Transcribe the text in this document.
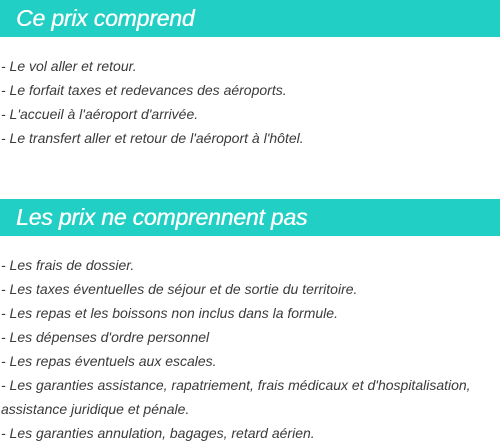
Ce prix comprend
- Le vol aller et retour.
- Le forfait taxes et redevances des aéroports.
- L'accueil à l'aéroport d'arrivée.
- Le transfert aller et retour de l'aéroport à l'hôtel.
Les prix ne comprennent pas
- Les frais de dossier.
- Les taxes éventuelles de séjour et de sortie du territoire.
- Les repas et les boissons non inclus dans la formule.
- Les dépenses d'ordre personnel
- Les repas éventuels aux escales.
- Les garanties assistance, rapatriement, frais médicaux et d'hospitalisation, assistance juridique et pénale.
- Les garanties annulation, bagages, retard aérien.
